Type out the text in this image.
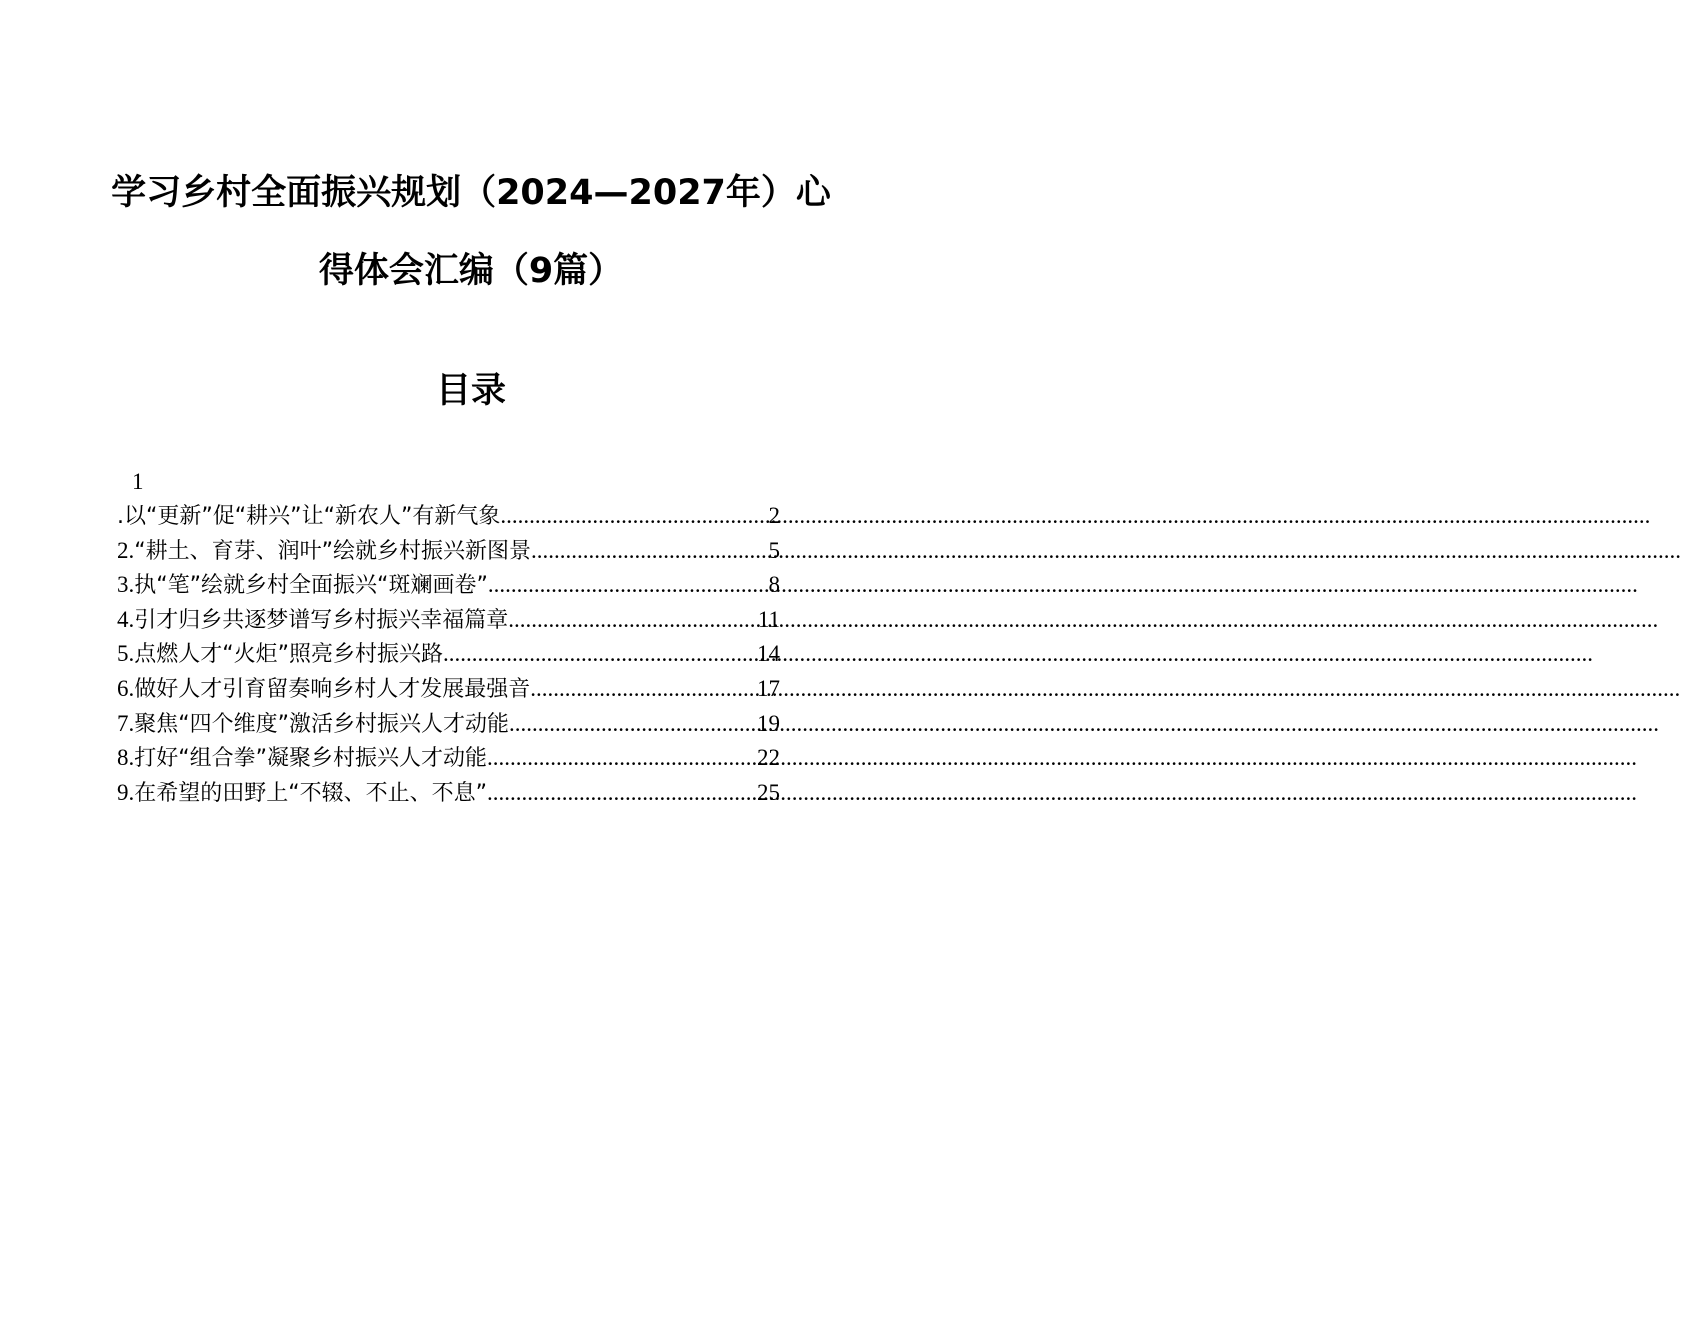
学习乡村全面振兴规划（2024—2027年）心
得体会汇编（9篇）
目录
1
.以“更新”促“耕兴”让“新农人”有新气象 .....	2
2.“耕土、育芽、润叶”绘就乡村振兴新图景 .....	5
3.执“笔”绘就乡村全面振兴“斑斓画卷” .....	8
4.引才归乡共逐梦谱写乡村振兴幸福篇章 .....	11
5.点燃人才“火炬”照亮乡村振兴路 .....	14
6.做好人才引育留奏响乡村人才发展最强音 .....	17
7.聚焦“四个维度”激活乡村振兴人才动能 .....	19
8.打好“组合拳”凝聚乡村振兴人才动能 .....	22
9.在希望的田野上“不辍、不止、不息” .....	25
